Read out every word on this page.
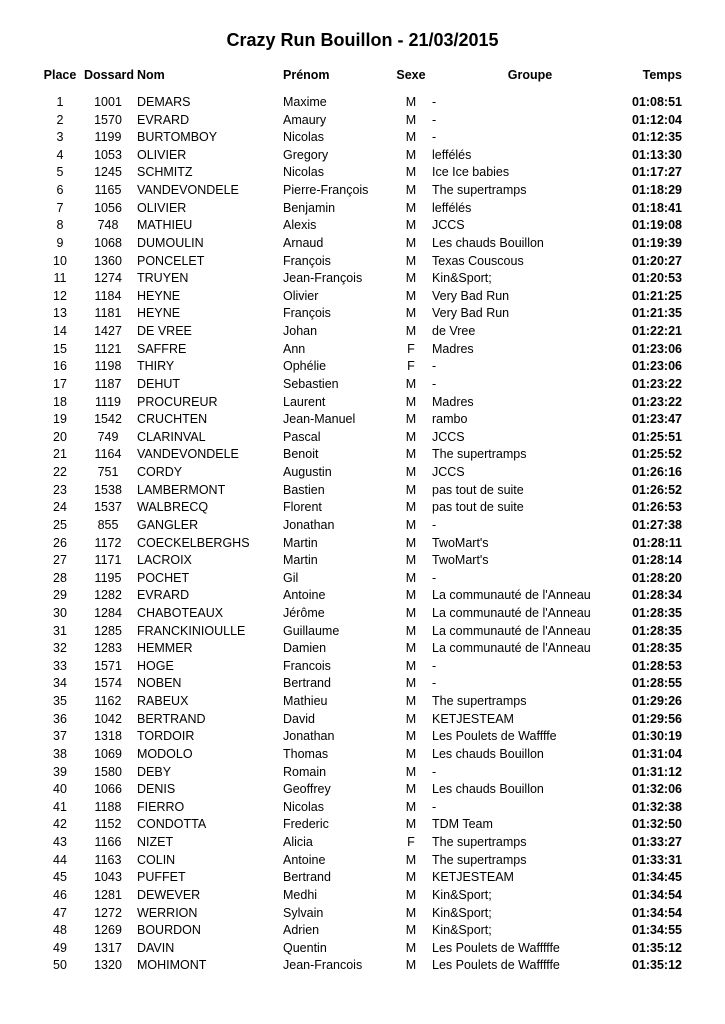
Crazy Run Bouillon - 21/03/2015
Place Dossard Nom	Prénom	Sexe	Groupe	Temps
1	1001	DEMARS	Maxime	M	-	01:08:51
2	1570	EVRARD	Amaury	M	-	01:12:04
3	1199	BURTOMBOY	Nicolas	M	-	01:12:35
4	1053	OLIVIER	Gregory	M	leffélés	01:13:30
5	1245	SCHMITZ	Nicolas	M	Ice Ice babies	01:17:27
6	1165	VANDEVONDELE	Pierre-François	M	The supertramps	01:18:29
7	1056	OLIVIER	Benjamin	M	leffélés	01:18:41
8	748	MATHIEU	Alexis	M	JCCS	01:19:08
9	1068	DUMOULIN	Arnaud	M	Les chauds Bouillon	01:19:39
10	1360	PONCELET	François	M	Texas Couscous	01:20:27
11	1274	TRUYEN	Jean-François	M	Kin&Sport;	01:20:53
12	1184	HEYNE	Olivier	M	Very Bad Run	01:21:25
13	1181	HEYNE	François	M	Very Bad Run	01:21:35
14	1427	DE VREE	Johan	M	de Vree	01:22:21
15	1121	SAFFRE	Ann	F	Madres	01:23:06
16	1198	THIRY	Ophélie	F	-	01:23:06
17	1187	DEHUT	Sebastien	M	-	01:23:22
18	1119	PROCUREUR	Laurent	M	Madres	01:23:22
19	1542	CRUCHTEN	Jean-Manuel	M	rambo	01:23:47
20	749	CLARINVAL	Pascal	M	JCCS	01:25:51
21	1164	VANDEVONDELE	Benoit	M	The supertramps	01:25:52
22	751	CORDY	Augustin	M	JCCS	01:26:16
23	1538	LAMBERMONT	Bastien	M	pas tout de suite	01:26:52
24	1537	WALBRECQ	Florent	M	pas tout de suite	01:26:53
25	855	GANGLER	Jonathan	M	-	01:27:38
26	1172	COECKELBERGHS	Martin	M	TwoMart's	01:28:11
27	1171	LACROIX	Martin	M	TwoMart's	01:28:14
28	1195	POCHET	Gil	M	-	01:28:20
29	1282	EVRARD	Antoine	M	La communauté de l'Anneau	01:28:34
30	1284	CHABOTEAUX	Jérôme	M	La communauté de l'Anneau	01:28:35
31	1285	FRANCKINIOULLE	Guillaume	M	La communauté de l'Anneau	01:28:35
32	1283	HEMMER	Damien	M	La communauté de l'Anneau	01:28:35
33	1571	HOGE	Francois	M	-	01:28:53
34	1574	NOBEN	Bertrand	M	-	01:28:55
35	1162	RABEUX	Mathieu	M	The supertramps	01:29:26
36	1042	BERTRAND	David	M	KETJESTEAM	01:29:56
37	1318	TORDOIR	Jonathan	M	Les Poulets de Waffffe	01:30:19
38	1069	MODOLO	Thomas	M	Les chauds Bouillon	01:31:04
39	1580	DEBY	Romain	M	-	01:31:12
40	1066	DENIS	Geoffrey	M	Les chauds Bouillon	01:32:06
41	1188	FIERRO	Nicolas	M	-	01:32:38
42	1152	CONDOTTA	Frederic	M	TDM Team	01:32:50
43	1166	NIZET	Alicia	F	The supertramps	01:33:27
44	1163	COLIN	Antoine	M	The supertramps	01:33:31
45	1043	PUFFET	Bertrand	M	KETJESTEAM	01:34:45
46	1281	DEWEVER	Medhi	M	Kin&Sport;	01:34:54
47	1272	WERRION	Sylvain	M	Kin&Sport;	01:34:54
48	1269	BOURDON	Adrien	M	Kin&Sport;	01:34:55
49	1317	DAVIN	Quentin	M	Les Poulets de Wafffffe	01:35:12
50	1320	MOHIMONT	Jean-Francois	M	Les Poulets de Wafffffe	01:35:12
